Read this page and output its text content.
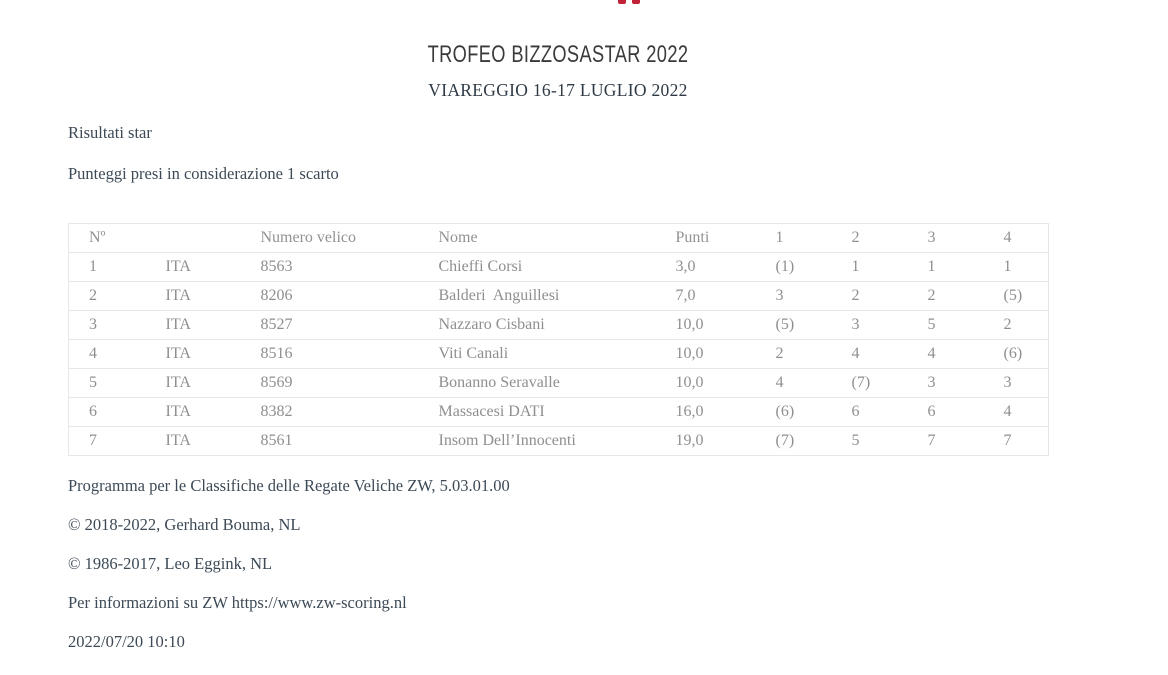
TROFEO BIZZOSASTAR 2022
VIAREGGIO 16-17 LUGLIO 2022
Risultati star
Punteggi presi in considerazione 1 scarto
Nº		Numero velico	Nome	Punti	1	2	3	4
1	ITA	8563	Chieffi Corsi	3,0	(1)	1	1	1
2	ITA	8206	Balderi  Anguillesi	7,0	3	2	2	(5)
3	ITA	8527	Nazzaro Cisbani	10,0	(5)	3	5	2
4	ITA	8516	Viti Canali	10,0	2	4	4	(6)
5	ITA	8569	Bonanno Seravalle	10,0	4	(7)	3	3
6	ITA	8382	Massacesi DATI	16,0	(6)	6	6	4
7	ITA	8561	Insom Dell’Innocenti	19,0	(7)	5	7	7
Programma per le Classifiche delle Regate Veliche ZW, 5.03.01.00
© 2018-2022, Gerhard Bouma, NL
© 1986-2017, Leo Eggink, NL
Per informazioni su ZW https://www.zw-scoring.nl
2022/07/20 10:10
